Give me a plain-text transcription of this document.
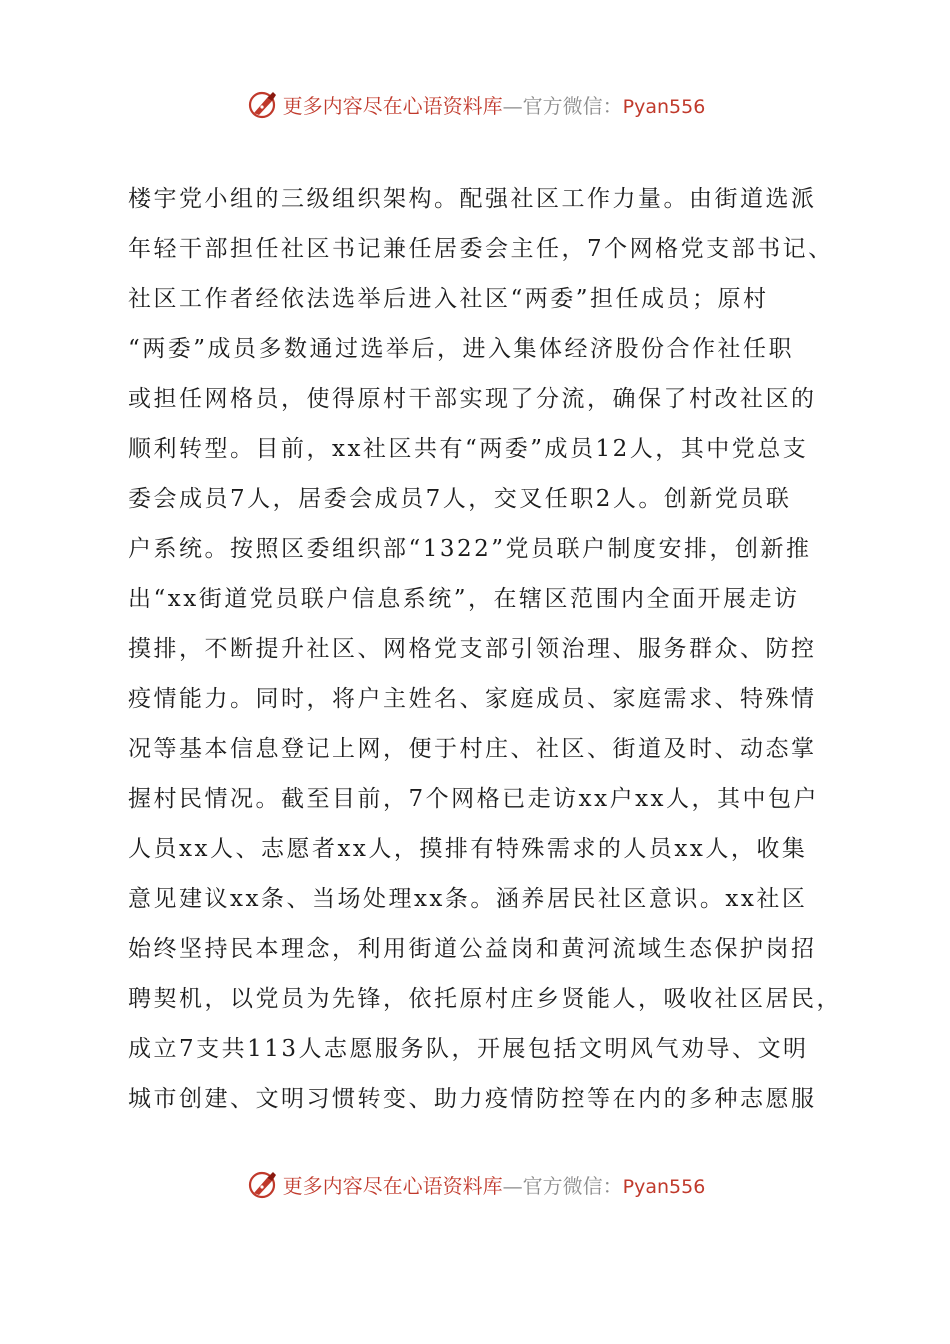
更多内容尽在心语资料库—官方微信：Pyan556
楼宇党小组的三级组织架构。配强社区工作力量。由街道选派
年轻干部担任社区书记兼任居委会主任，7个网格党支部书记、
社区工作者经依法选举后进入社区“两委”担任成员；原村
“两委”成员多数通过选举后，进入集体经济股份合作社任职
或担任网格员，使得原村干部实现了分流，确保了村改社区的
顺利转型。目前，xx社区共有“两委”成员12人，其中党总支
委会成员7人，居委会成员7人，交叉任职2人。创新党员联
户系统。按照区委组织部“1322”党员联户制度安排，创新推
出“xx街道党员联户信息系统”，在辖区范围内全面开展走访
摸排，不断提升社区、网格党支部引领治理、服务群众、防控
疫情能力。同时，将户主姓名、家庭成员、家庭需求、特殊情
况等基本信息登记上网，便于村庄、社区、街道及时、动态掌
握村民情况。截至目前，7个网格已走访xx户xx人，其中包户
人员xx人、志愿者xx人，摸排有特殊需求的人员xx人，收集
意见建议xx条、当场处理xx条。涵养居民社区意识。xx社区
始终坚持民本理念，利用街道公益岗和黄河流域生态保护岗招
聘契机，以党员为先锋，依托原村庄乡贤能人，吸收社区居民，
成立7支共113人志愿服务队，开展包括文明风气劝导、文明
城市创建、文明习惯转变、助力疫情防控等在内的多种志愿服
更多内容尽在心语资料库—官方微信：Pyan556
